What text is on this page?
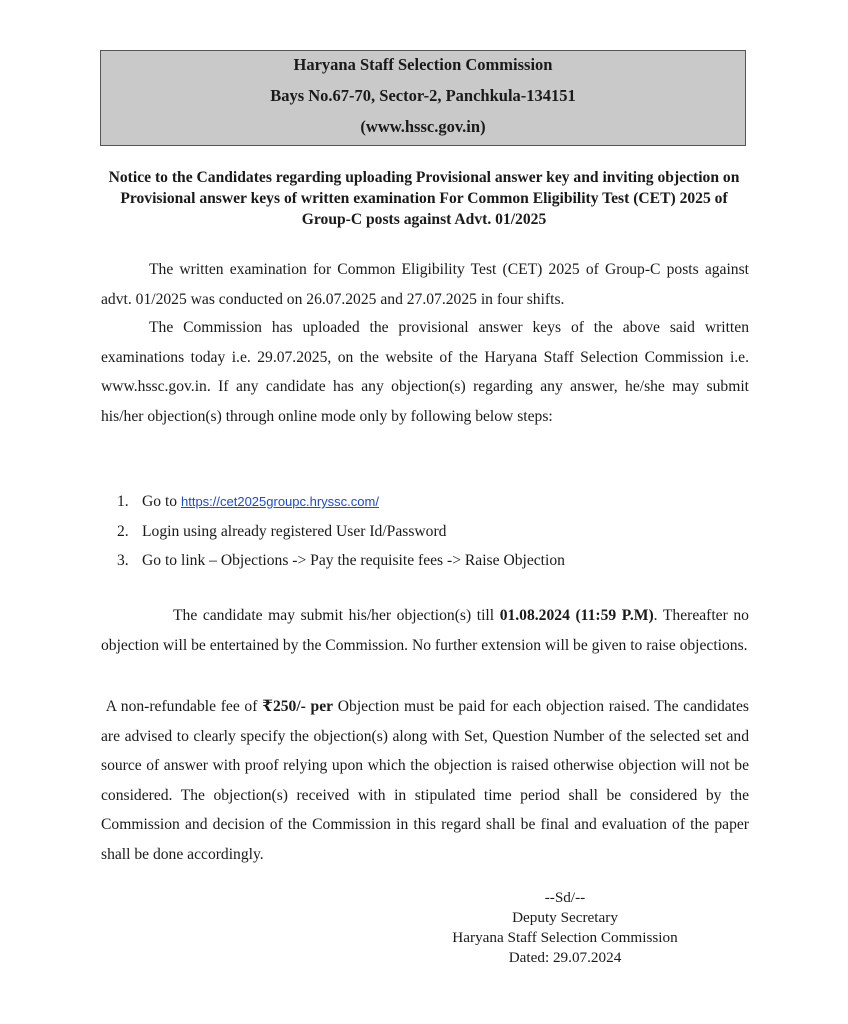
Haryana Staff Selection Commission
Bays No.67-70, Sector-2, Panchkula-134151
(www.hssc.gov.in)
Notice to the Candidates regarding uploading Provisional answer key and inviting objection on Provisional answer keys of written examination For Common Eligibility Test (CET) 2025 of Group-C posts against Advt. 01/2025
The written examination for Common Eligibility Test (CET) 2025 of Group-C posts against advt. 01/2025 was conducted on 26.07.2025 and 27.07.2025 in four shifts.
The Commission has uploaded the provisional answer keys of the above said written examinations today i.e. 29.07.2025, on the website of the Haryana Staff Selection Commission i.e. www.hssc.gov.in. If any candidate has any objection(s) regarding any answer, he/she may submit his/her objection(s) through online mode only by following below steps:
1. Go to https://cet2025groupc.hryssc.com/
2. Login using already registered User Id/Password
3. Go to link – Objections -> Pay the requisite fees -> Raise Objection
The candidate may submit his/her objection(s) till 01.08.2024 (11:59 P.M). Thereafter no objection will be entertained by the Commission. No further extension will be given to raise objections.
A non-refundable fee of ₹250/- per Objection must be paid for each objection raised. The candidates are advised to clearly specify the objection(s) along with Set, Question Number of the selected set and source of answer with proof relying upon which the objection is raised otherwise objection will not be considered. The objection(s) received with in stipulated time period shall be considered by the Commission and decision of the Commission in this regard shall be final and evaluation of the paper shall be done accordingly.
--Sd/--
Deputy Secretary
Haryana Staff Selection Commission
Dated: 29.07.2024
